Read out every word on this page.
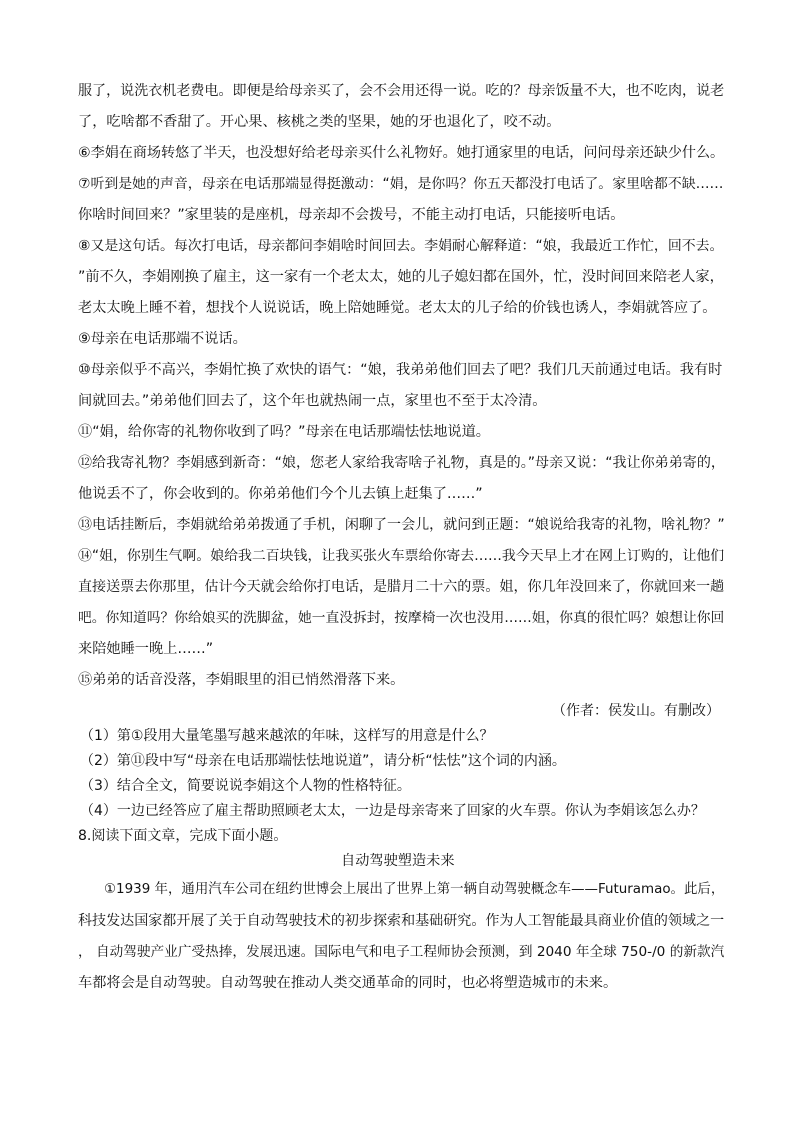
服了，说洗衣机老费电。即便是给母亲买了，会不会用还得一说。吃的？母亲饭量不大，也不吃肉，说老
了，吃啥都不香甜了。开心果、核桃之类的坚果，她的牙也退化了，咬不动。
⑥李娟在商场转悠了半天，也没想好给老母亲买什么礼物好。她打通家里的电话，问问母亲还缺少什么。
⑦听到是她的声音，母亲在电话那端显得挺激动：“娟，是你吗？你五天都没打电话了。家里啥都不缺……
你啥时间回来？”家里装的是座机，母亲却不会拨号，不能主动打电话，只能接听电话。
⑧又是这句话。每次打电话，母亲都问李娟啥时间回去。李娟耐心解释道：“娘，我最近工作忙，回不去。
”前不久，李娟刚换了雇主，这一家有一个老太太，她的儿子媳妇都在国外，忙，没时间回来陪老人家，
老太太晚上睡不着，想找个人说说话，晚上陪她睡觉。老太太的儿子给的价钱也诱人，李娟就答应了。
⑨母亲在电话那端不说话。
⑩母亲似乎不高兴，李娟忙换了欢快的语气：“娘，我弟弟他们回去了吧？我们几天前通过电话。我有时
间就回去。”弟弟他们回去了，这个年也就热闹一点，家里也不至于太冷清。
⑪“娟，给你寄的礼物你收到了吗？”母亲在电话那端怯怯地说道。
⑫给我寄礼物？李娟感到新奇：“娘，您老人家给我寄啥子礼物，真是的。”母亲又说：“我让你弟弟寄的，
他说丢不了，你会收到的。你弟弟他们今个儿去镇上赶集了……”
⑬电话挂断后，李娟就给弟弟拨通了手机，闲聊了一会儿，就问到正题：“娘说给我寄的礼物，啥礼物？”
⑭“姐，你别生气啊。娘给我二百块钱，让我买张火车票给你寄去……我今天早上才在网上订购的，让他们
直接送票去你那里，估计今天就会给你打电话，是腊月二十六的票。姐，你几年没回来了，你就回来一趟
吧。你知道吗？你给娘买的洗脚盆，她一直没拆封，按摩椅一次也没用……姐，你真的很忙吗？娘想让你回
来陪她睡一晚上……”
⑮弟弟的话音没落，李娟眼里的泪已悄然滑落下来。
（作者：侯发山。有删改）
（1）第①段用大量笔墨写越来越浓的年味，这样写的用意是什么？
（2）第⑪段中写“母亲在电话那端怯怯地说道”，请分析“怯怯”这个词的内涵。
（3）结合全文，简要说说李娟这个人物的性格特征。
（4）一边已经答应了雇主帮助照顾老太太，一边是母亲寄来了回家的火车票。你认为李娟该怎么办？
8.阅读下面文章，完成下面小题。
自动驾驶塑造未来
①1939 年，通用汽车公司在纽约世博会上展出了世界上第一辆自动驾驶概念车——Futuramao。此后，
科技发达国家都开展了关于自动驾驶技术的初步探索和基础研究。作为人工智能最具商业价值的领域之一
， 自动驾驶产业广受热捧，发展迅速。国际电气和电子工程师协会预测，到 2040 年全球 750-/0 的新款汽
车都将会是自动驾驶。自动驾驶在推动人类交通革命的同时，也必将塑造城市的未来。
